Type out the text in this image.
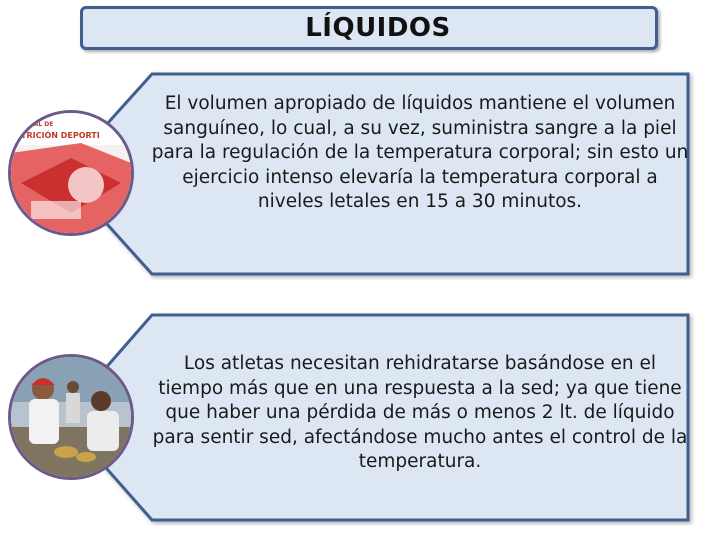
LÍQUIDOS
UAL DE
TRICIÓN DEPORTI
El volumen apropiado de líquidos mantiene el volumen sanguíneo, lo cual, a su vez, suministra sangre a la piel para la regulación de la temperatura corporal; sin esto un ejercicio intenso elevaría la temperatura corporal a niveles letales en 15 a 30 minutos.
Los atletas necesitan rehidratarse basándose en el tiempo más que en una respuesta a la sed; ya que tiene que haber una pérdida de más o menos 2 lt. de líquido para sentir sed, afectándose mucho antes el control de la temperatura.
